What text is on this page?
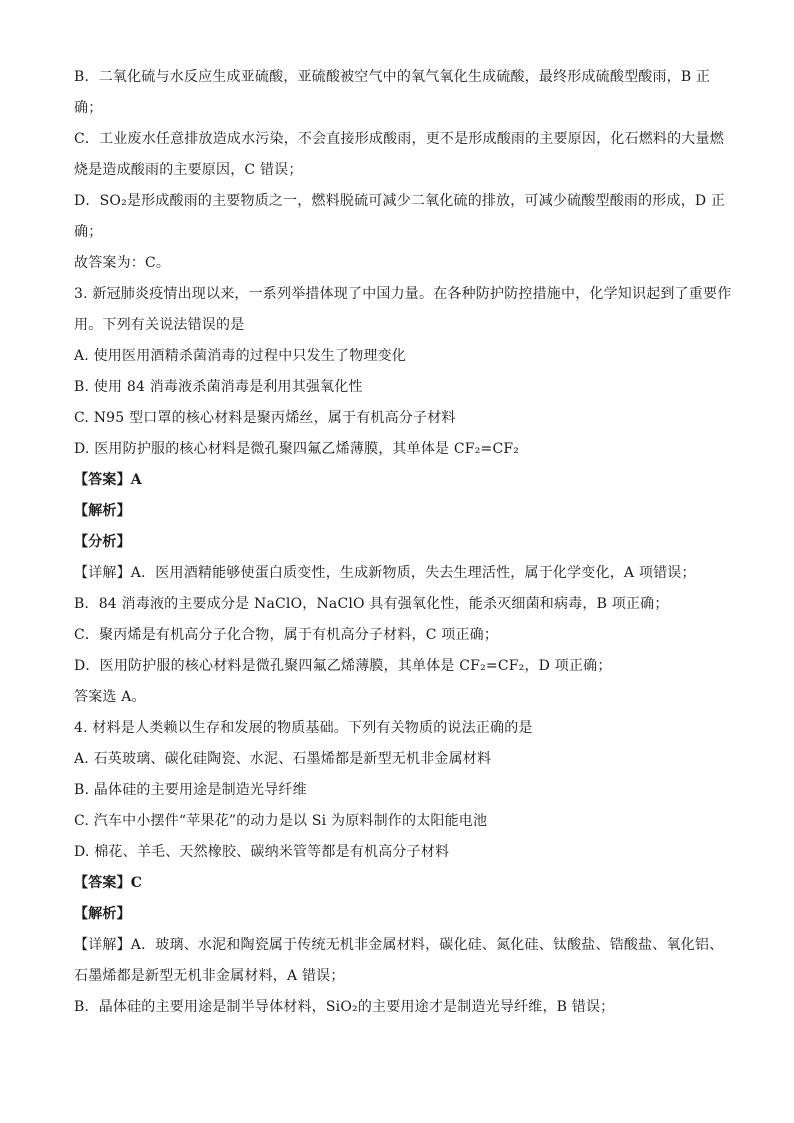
B．二氧化硫与水反应生成亚硫酸，亚硫酸被空气中的氧气氧化生成硫酸，最终形成硫酸型酸雨，B 正
确；
C．工业废水任意排放造成水污染，不会直接形成酸雨，更不是形成酸雨的主要原因，化石燃料的大量燃
烧是造成酸雨的主要原因，C 错误；
D．SO₂是形成酸雨的主要物质之一，燃料脱硫可减少二氧化硫的排放，可减少硫酸型酸雨的形成，D 正
确；
故答案为：C。
3. 新冠肺炎疫情出现以来，一系列举措体现了中国力量。在各种防护防控措施中，化学知识起到了重要作
用。下列有关说法错误的是
A. 使用医用酒精杀菌消毒的过程中只发生了物理变化
B. 使用 84 消毒液杀菌消毒是利用其强氧化性
C. N95 型口罩的核心材料是聚丙烯丝，属于有机高分子材料
D. 医用防护服的核心材料是微孔聚四氟乙烯薄膜，其单体是 CF₂=CF₂
【答案】A
【解析】
【分析】
【详解】A．医用酒精能够使蛋白质变性，生成新物质，失去生理活性，属于化学变化，A 项错误；
B．84 消毒液的主要成分是 NaClO，NaClO 具有强氧化性，能杀灭细菌和病毒，B 项正确；
C．聚丙烯是有机高分子化合物，属于有机高分子材料，C 项正确；
D．医用防护服的核心材料是微孔聚四氟乙烯薄膜，其单体是 CF₂=CF₂，D 项正确；
答案选 A。
4. 材料是人类赖以生存和发展的物质基础。下列有关物质的说法正确的是
A. 石英玻璃、碳化硅陶瓷、水泥、石墨烯都是新型无机非金属材料
B. 晶体硅的主要用途是制造光导纤维
C. 汽车中小摆件“苹果花”的动力是以 Si 为原料制作的太阳能电池
D. 棉花、羊毛、天然橡胶、碳纳米管等都是有机高分子材料
【答案】C
【解析】
【详解】A．玻璃、水泥和陶瓷属于传统无机非金属材料，碳化硅、氮化硅、钛酸盐、锆酸盐、氧化铝、
石墨烯都是新型无机非金属材料，A 错误；
B．晶体硅的主要用途是制半导体材料，SiO₂的主要用途才是制造光导纤维，B 错误；
